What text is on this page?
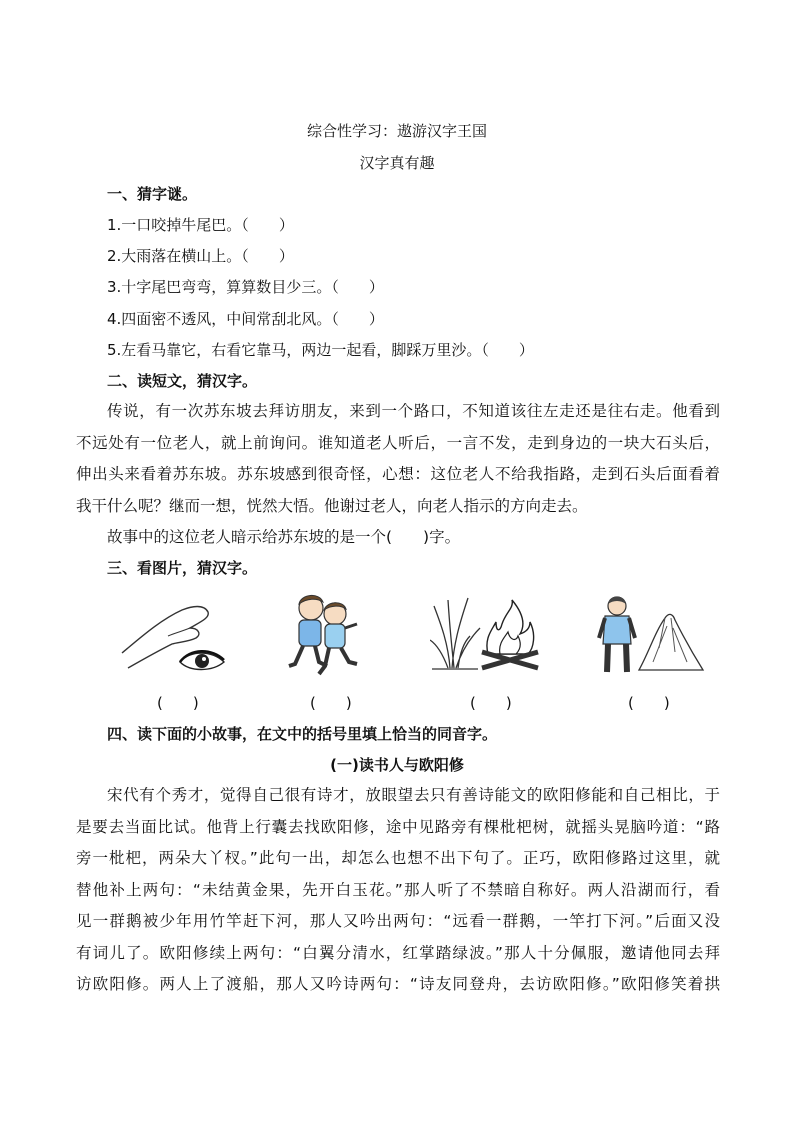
综合性学习：遨游汉字王国
汉字真有趣
一、猜字谜。
1.一口咬掉牛尾巴。（　　）
2.大雨落在横山上。（　　）
3.十字尾巴弯弯，算算数目少三。（　　）
4.四面密不透风，中间常刮北风。（　　）
5.左看马靠它，右看它靠马，两边一起看，脚踩万里沙。（　　）
二、读短文，猜汉字。
传说，有一次苏东坡去拜访朋友，来到一个路口，不知道该往左走还是往右走。他看到
不远处有一位老人，就上前询问。谁知道老人听后，一言不发，走到身边的一块大石头后，
伸出头来看着苏东坡。苏东坡感到很奇怪，心想：这位老人不给我指路，走到石头后面看着
我干什么呢？继而一想，恍然大悟。他谢过老人，向老人指示的方向走去。
故事中的这位老人暗示给苏东坡的是一个(　　)字。
三、看图片，猜汉字。
(　　)	(　　)	(　　)	(　　)
四、读下面的小故事，在文中的括号里填上恰当的同音字。
(一)读书人与欧阳修
宋代有个秀才，觉得自己很有诗才，放眼望去只有善诗能文的欧阳修能和自己相比，于
是要去当面比试。他背上行囊去找欧阳修，途中见路旁有棵枇杷树，就摇头晃脑吟道：“路
旁一枇杷，两朵大丫杈。”此句一出，却怎么也想不出下句了。正巧，欧阳修路过这里，就
替他补上两句：“未结黄金果，先开白玉花。”那人听了不禁暗自称好。两人沿湖而行，看
见一群鹅被少年用竹竿赶下河，那人又吟出两句：“远看一群鹅，一竿打下河。”后面又没
有词儿了。欧阳修续上两句：“白翼分清水，红掌踏绿波。”那人十分佩服，邀请他同去拜
访欧阳修。两人上了渡船，那人又吟诗两句：“诗友同登舟，去访欧阳修。”欧阳修笑着拱
